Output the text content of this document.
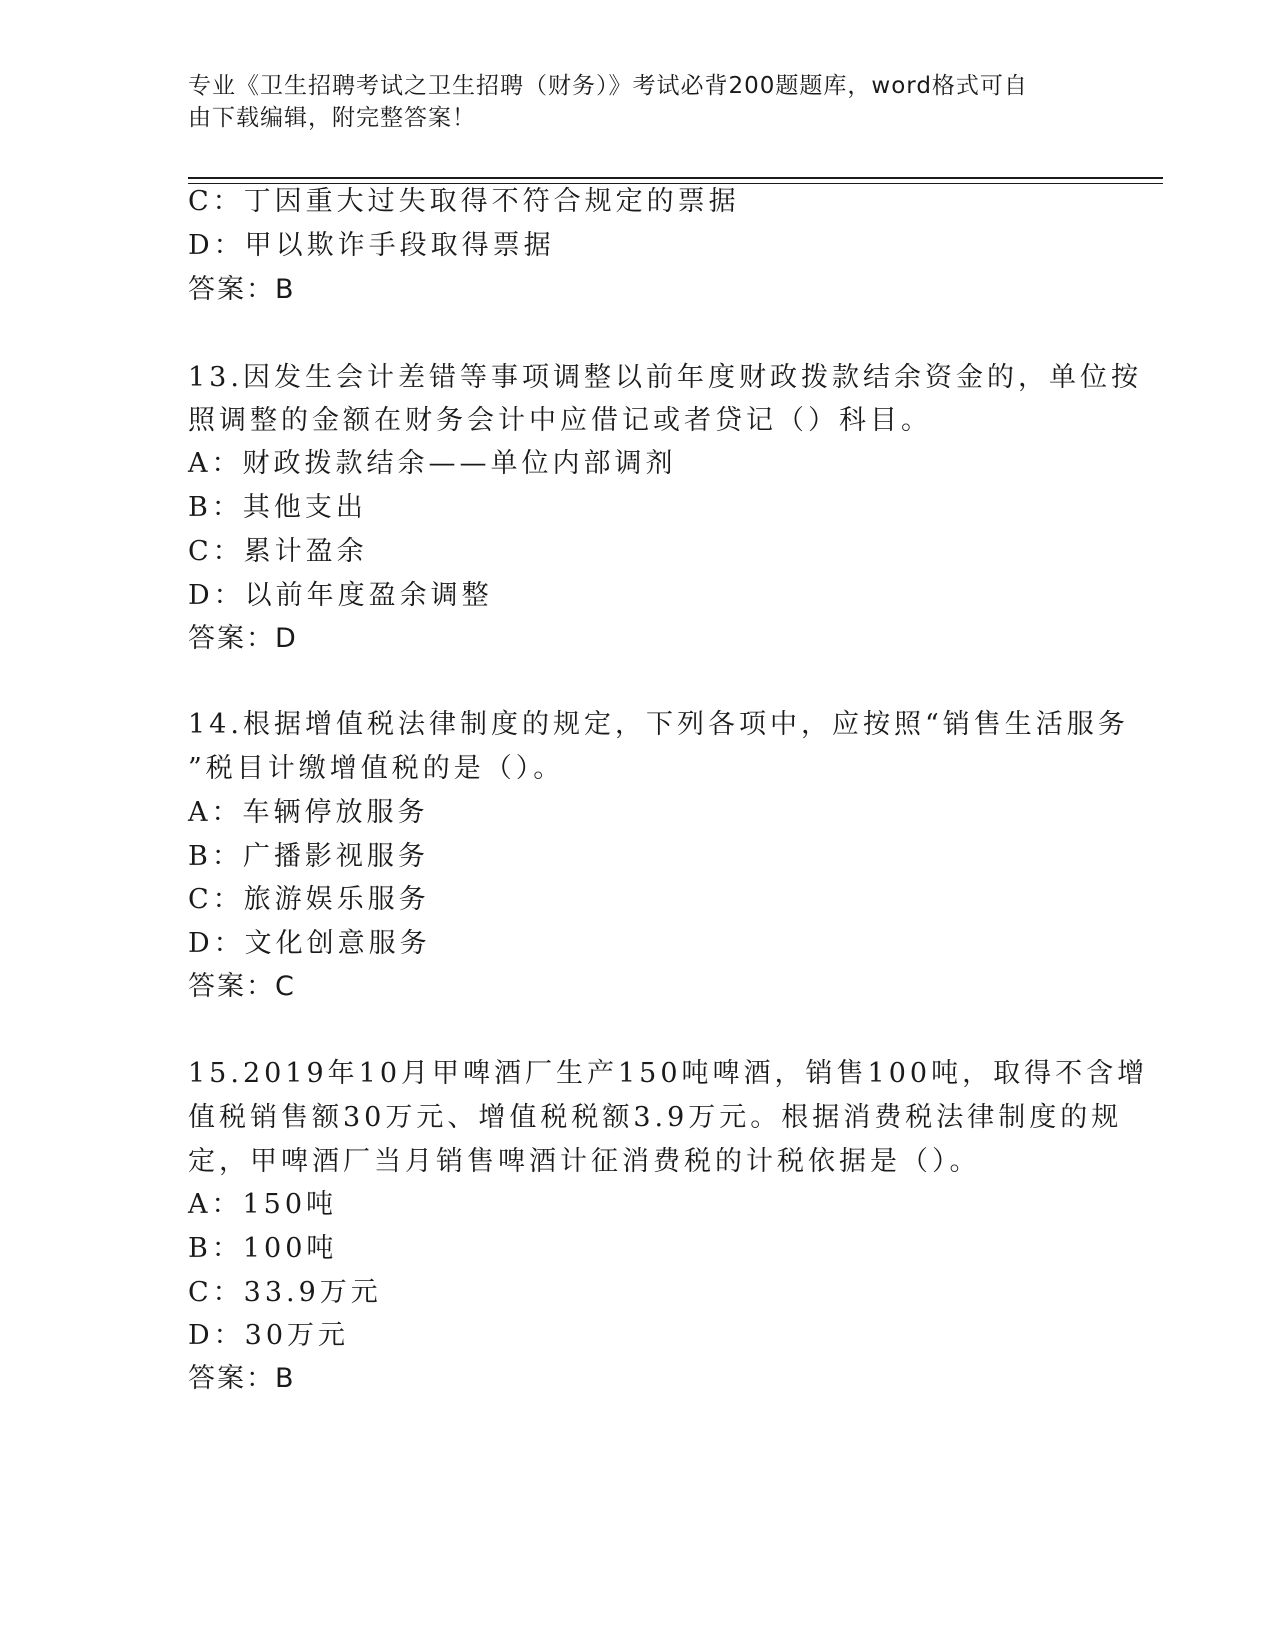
专业《卫生招聘考试之卫生招聘（财务）》考试必背200题题库，word格式可自
由下载编辑，附完整答案！
C：丁因重大过失取得不符合规定的票据
D：甲以欺诈手段取得票据
答案：B
13.因发生会计差错等事项调整以前年度财政拨款结余资金的，单位按
照调整的金额在财务会计中应借记或者贷记（）科目。
A：财政拨款结余——单位内部调剂
B：其他支出
C：累计盈余
D：以前年度盈余调整
答案：D
14.根据增值税法律制度的规定，下列各项中，应按照“销售生活服务
”税目计缴增值税的是（）。
A：车辆停放服务
B：广播影视服务
C：旅游娱乐服务
D：文化创意服务
答案：C
15.2019年10月甲啤酒厂生产150吨啤酒，销售100吨，取得不含增
值税销售额30万元、增值税税额3.9万元。根据消费税法律制度的规
定，甲啤酒厂当月销售啤酒计征消费税的计税依据是（）。
A：150吨
B：100吨
C：33.9万元
D：30万元
答案：B
